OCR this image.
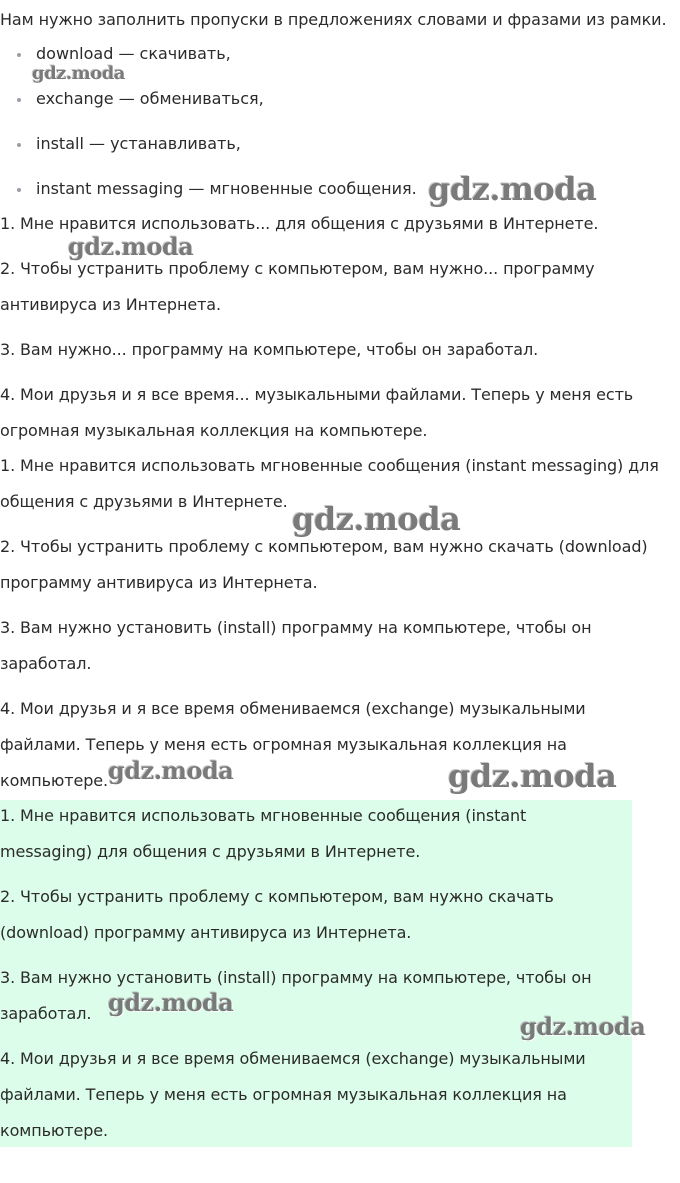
Нам нужно заполнить пропуски в предложениях словами и фразами из рамки.
download — скачивать,
exchange — обмениваться,
install — устанавливать,
instant messaging — мгновенные сообщения.
1. Мне нравится использовать... для общения с друзьями в Интернете.
2. Чтобы устранить проблему с компьютером, вам нужно... программу
антивируса из Интернета.
3. Вам нужно... программу на компьютере, чтобы он заработал.
4. Мои друзья и я все время... музыкальными файлами. Теперь у меня есть
огромная музыкальная коллекция на компьютере.
1. Мне нравится использовать мгновенные сообщения (instant messaging) для
общения с друзьями в Интернете.
2. Чтобы устранить проблему с компьютером, вам нужно скачать (download)
программу антивируса из Интернета.
3. Вам нужно установить (install) программу на компьютере, чтобы он
заработал.
4. Мои друзья и я все время обмениваемся (exchange) музыкальными
файлами. Теперь у меня есть огромная музыкальная коллекция на
компьютере.
1. Мне нравится использовать мгновенные сообщения (instant
messaging) для общения с друзьями в Интернете.
2. Чтобы устранить проблему с компьютером, вам нужно скачать
(download) программу антивируса из Интернета.
3. Вам нужно установить (install) программу на компьютере, чтобы он
заработал.
4. Мои друзья и я все время обмениваемся (exchange) музыкальными
файлами. Теперь у меня есть огромная музыкальная коллекция на
компьютере.
gdz.moda
gdz.moda
gdz.moda
gdz.moda
gdz.moda	gdz.moda
gdz.moda
gdz.moda
